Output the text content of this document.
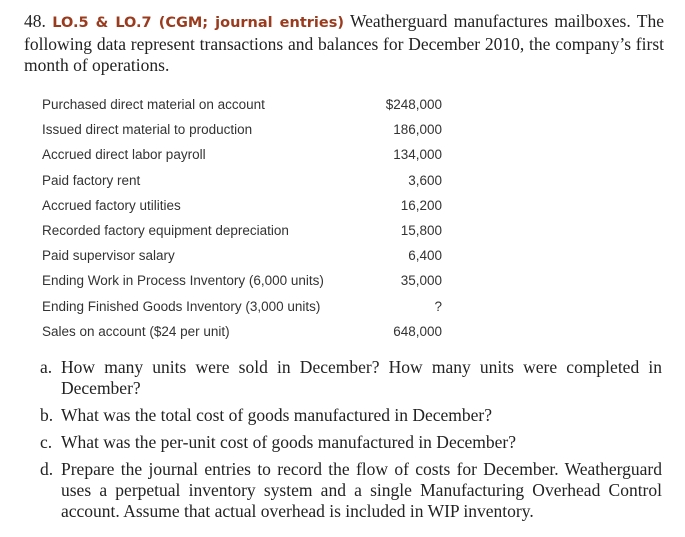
48. LO.5 & LO.7 (CGM; journal entries) Weatherguard manufactures mailboxes. The following data represent transactions and balances for December 2010, the company’s first month of operations.
Purchased direct material on account	$248,000
Issued direct material to production	186,000
Accrued direct labor payroll	134,000
Paid factory rent	3,600
Accrued factory utilities	16,200
Recorded factory equipment depreciation	15,800
Paid supervisor salary	6,400
Ending Work in Process Inventory (6,000 units)	35,000
Ending Finished Goods Inventory (3,000 units)	?
Sales on account ($24 per unit)	648,000
a. How many units were sold in December? How many units were completed in December?
b. What was the total cost of goods manufactured in December?
c. What was the per-unit cost of goods manufactured in December?
d. Prepare the journal entries to record the flow of costs for December. Weatherguard uses a perpetual inventory system and a single Manufacturing Overhead Control account. Assume that actual overhead is included in WIP inventory.
